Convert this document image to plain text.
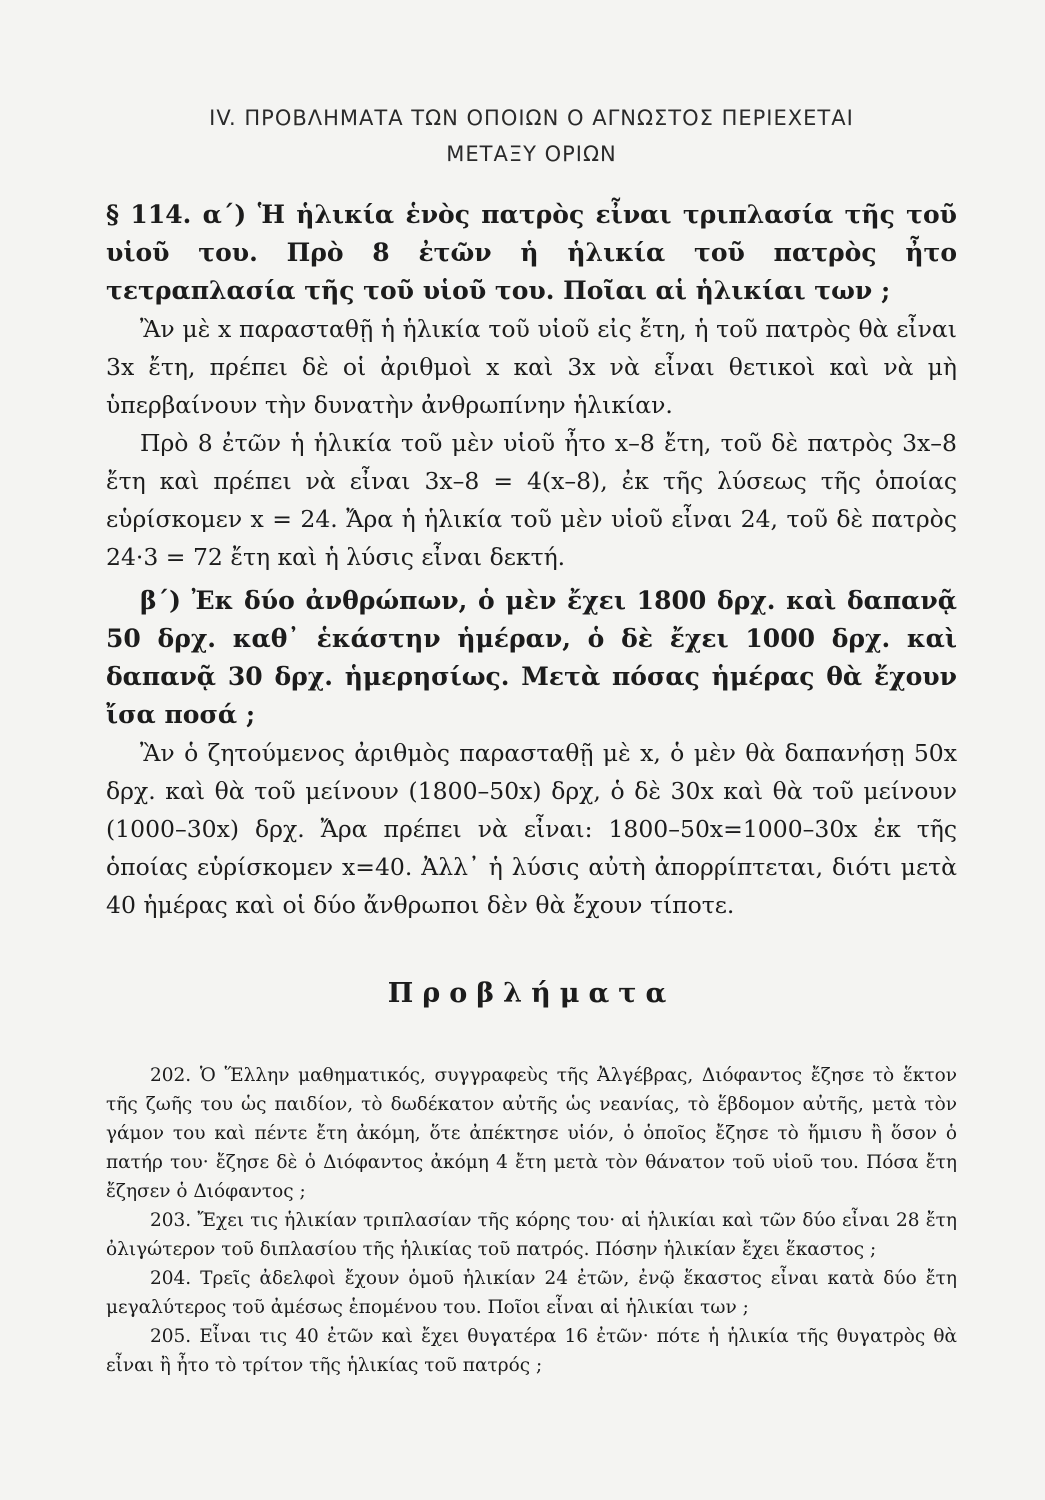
IV. ΠΡΟΒΛΗΜΑΤΑ ΤΩΝ ΟΠΟΙΩΝ Ο ΑΓΝΩΣΤΟΣ ΠΕΡΙΕΧΕΤΑΙ
ΜΕΤΑΞΥ ΟΡΙΩΝ

§ 114. α΄) Ἡ ἡλικία ἑνὸς πατρὸς εἶναι τριπλασία τῆς τοῦ υἱοῦ του. Πρὸ 8 ἐτῶν ἡ ἡλικία τοῦ πατρὸς ἦτο τετραπλασία τῆς τοῦ υἱοῦ του. Ποῖαι αἱ ἡλικίαι των ;

Ἂν μὲ x παρασταθῇ ἡ ἡλικία τοῦ υἱοῦ εἰς ἔτη, ἡ τοῦ πατρὸς θὰ εἶναι 3x ἔτη, πρέπει δὲ οἱ ἀριθμοὶ x καὶ 3x νὰ εἶναι θετικοὶ καὶ νὰ μὴ ὑπερβαίνουν τὴν δυνατὴν ἀνθρωπίνην ἡλικίαν.

Πρὸ 8 ἐτῶν ἡ ἡλικία τοῦ μὲν υἱοῦ ἦτο x–8 ἔτη, τοῦ δὲ πατρὸς 3x–8 ἔτη καὶ πρέπει νὰ εἶναι 3x–8 = 4(x–8), ἐκ τῆς λύσεως τῆς ὁποίας εὑρίσκομεν x = 24. Ἄρα ἡ ἡλικία τοῦ μὲν υἱοῦ εἶναι 24, τοῦ δὲ πατρὸς 24·3 = 72 ἔτη καὶ ἡ λύσις εἶναι δεκτή.

β΄) Ἐκ δύο ἀνθρώπων, ὁ μὲν ἔχει 1800 δρχ. καὶ δαπανᾷ 50 δρχ. καθ᾽ ἑκάστην ἡμέραν, ὁ δὲ ἔχει 1000 δρχ. καὶ δαπανᾷ 30 δρχ. ἡμερησίως. Μετὰ πόσας ἡμέρας θὰ ἔχουν ἴσα ποσά ;

Ἂν ὁ ζητούμενος ἀριθμὸς παρασταθῇ μὲ x, ὁ μὲν θὰ δαπανήσῃ 50x δρχ. καὶ θὰ τοῦ μείνουν (1800–50x) δρχ, ὁ δὲ 30x καὶ θὰ τοῦ μείνουν (1000–30x) δρχ. Ἄρα πρέπει νὰ εἶναι: 1800–50x=1000–30x ἐκ τῆς ὁποίας εὑρίσκομεν x=40. Ἀλλ᾽ ἡ λύσις αὐτὴ ἀπορρίπτεται, διότι μετὰ 40 ἡμέρας καὶ οἱ δύο ἄνθρωποι δὲν θὰ ἔχουν τίποτε.

Προβλήματα

202. Ὁ Ἕλλην μαθηματικός, συγγραφεὺς τῆς Ἀλγέβρας, Διόφαντος ἔζησε τὸ ἕκτον τῆς ζωῆς του ὡς παιδίον, τὸ δωδέκατον αὐτῆς ὡς νεανίας, τὸ ἕβδομον αὐτῆς, μετὰ τὸν γάμον του καὶ πέντε ἔτη ἀκόμη, ὅτε ἀπέκτησε υἱόν, ὁ ὁποῖος ἔζησε τὸ ἥμισυ ἢ ὅσον ὁ πατήρ του· ἔζησε δὲ ὁ Διόφαντος ἀκόμη 4 ἔτη μετὰ τὸν θάνατον τοῦ υἱοῦ του. Πόσα ἔτη ἔζησεν ὁ Διόφαντος ;

203. Ἔχει τις ἡλικίαν τριπλασίαν τῆς κόρης του· αἱ ἡλικίαι καὶ τῶν δύο εἶναι 28 ἔτη ὀλιγώτερον τοῦ διπλασίου τῆς ἡλικίας τοῦ πατρός. Πόσην ἡλικίαν ἔχει ἕκαστος ;

204. Τρεῖς ἀδελφοὶ ἔχουν ὁμοῦ ἡλικίαν 24 ἐτῶν, ἐνῷ ἕκαστος εἶναι κατὰ δύο ἔτη μεγαλύτερος τοῦ ἀμέσως ἑπομένου του. Ποῖοι εἶναι αἱ ἡλικίαι των ;

205. Εἶναι τις 40 ἐτῶν καὶ ἔχει θυγατέρα 16 ἐτῶν· πότε ἡ ἡλικία τῆς θυγατρὸς θὰ εἶναι ἢ ἦτο τὸ τρίτον τῆς ἡλικίας τοῦ πατρός ;
